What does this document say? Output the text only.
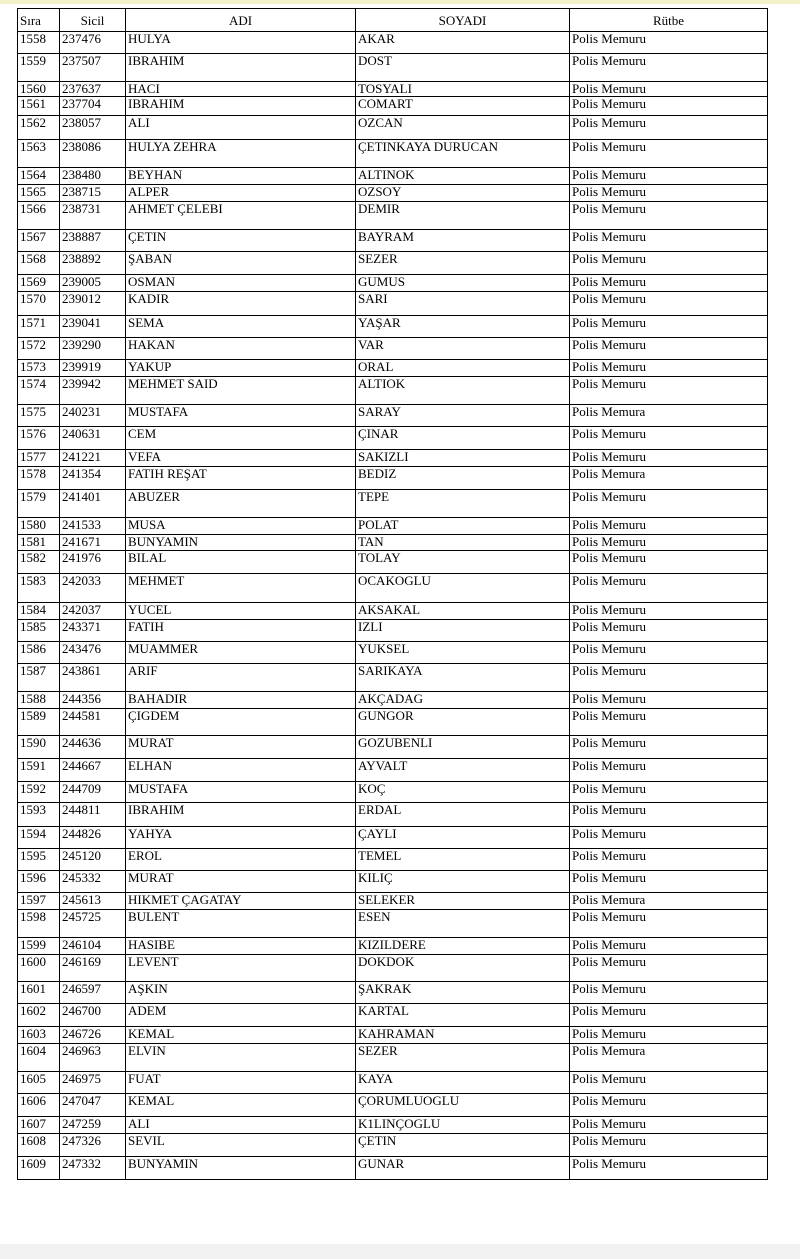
Sıra	Sicil	ADI	SOYADI	Rütbe
1558	237476	HULYA	AKAR	Polis Memuru
1559	237507	IBRAHIM	DOST	Polis Memuru
1560	237637	HACI	TOSYALI	Polis Memuru
1561	237704	IBRAHIM	COMART	Polis Memuru
1562	238057	ALI	OZCAN	Polis Memuru
1563	238086	HULYA ZEHRA	ÇETINKAYA DURUCAN	Polis Memuru
1564	238480	BEYHAN	ALTINOK	Polis Memuru
1565	238715	ALPER	OZSOY	Polis Memuru
1566	238731	AHMET ÇELEBI	DEMIR	Polis Memuru
1567	238887	ÇETIN	BAYRAM	Polis Memuru
1568	238892	ŞABAN	SEZER	Polis Memuru
1569	239005	OSMAN	GUMUS	Polis Memuru
1570	239012	KADIR	SARI	Polis Memuru
1571	239041	SEMA	YAŞAR	Polis Memuru
1572	239290	HAKAN	VAR	Polis Memuru
1573	239919	YAKUP	ORAL	Polis Memuru
1574	239942	MEHMET SAID	ALTIOK	Polis Memuru
1575	240231	MUSTAFA	SARAY	Polis Memura
1576	240631	CEM	ÇINAR	Polis Memuru
1577	241221	VEFA	SAKIZLI	Polis Memuru
1578	241354	FATIH REŞAT	BEDIZ	Polis Memura
1579	241401	ABUZER	TEPE	Polis Memuru
1580	241533	MUSA	POLAT	Polis Memuru
1581	241671	BUNYAMIN	TAN	Polis Memuru
1582	241976	BILAL	TOLAY	Polis Memuru
1583	242033	MEHMET	OCAKOGLU	Polis Memuru
1584	242037	YUCEL	AKSAKAL	Polis Memuru
1585	243371	FATIH	IZLI	Polis Memuru
1586	243476	MUAMMER	YUKSEL	Polis Memuru
1587	243861	ARIF	SARIKAYA	Polis Memuru
1588	244356	BAHADIR	AKÇADAG	Polis Memuru
1589	244581	ÇIGDEM	GUNGOR	Polis Memuru
1590	244636	MURAT	GOZUBENLI	Polis Memuru
1591	244667	ELHAN	AYVALT	Polis Memuru
1592	244709	MUSTAFA	KOÇ	Polis Memuru
1593	244811	IBRAHIM	ERDAL	Polis Memuru
1594	244826	YAHYA	ÇAYLI	Polis Memuru
1595	245120	EROL	TEMEL	Polis Memuru
1596	245332	MURAT	KILIÇ	Polis Memuru
1597	245613	HIKMET ÇAGATAY	SELEKER	Polis Memura
1598	245725	BULENT	ESEN	Polis Memuru
1599	246104	HASIBE	KIZILDERE	Polis Memuru
1600	246169	LEVENT	DOKDOK	Polis Memuru
1601	246597	AŞKIN	ŞAKRAK	Polis Memuru
1602	246700	ADEM	KARTAL	Polis Memuru
1603	246726	KEMAL	KAHRAMAN	Polis Memuru
1604	246963	ELVIN	SEZER	Polis Memura
1605	246975	FUAT	KAYA	Polis Memuru
1606	247047	KEMAL	ÇORUMLUOGLU	Polis Memuru
1607	247259	ALI	K1LINÇOGLU	Polis Memuru
1608	247326	SEVIL	ÇETIN	Polis Memuru
1609	247332	BUNYAMIN	GUNAR	Polis Memuru
